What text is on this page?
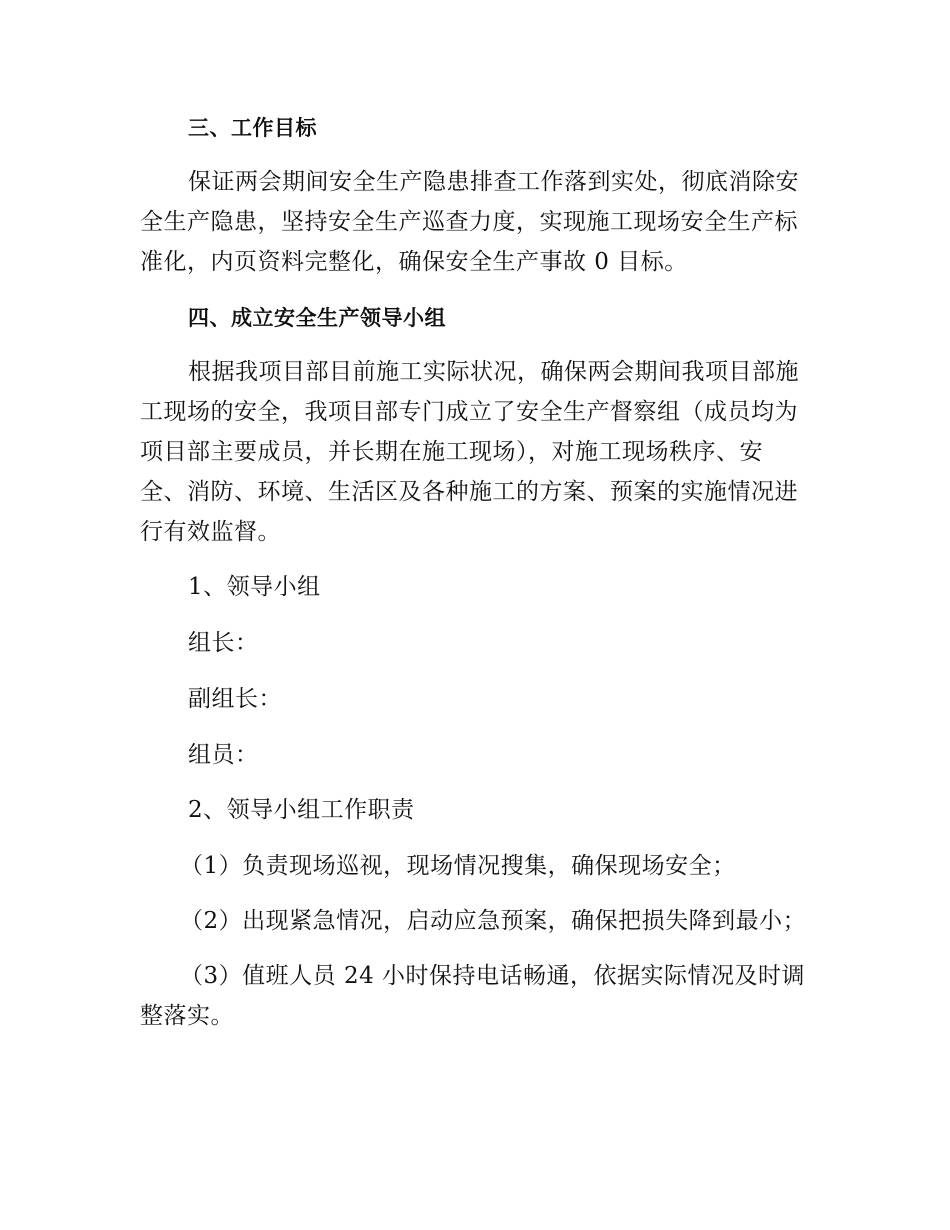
三、工作目标
保证两会期间安全生产隐患排查工作落到实处，彻底消除安
全生产隐患，坚持安全生产巡查力度，实现施工现场安全生产标
准化，内页资料完整化，确保安全生产事故 0 目标。
四、成立安全生产领导小组
根据我项目部目前施工实际状况，确保两会期间我项目部施
工现场的安全，我项目部专门成立了安全生产督察组（成员均为
项目部主要成员，并长期在施工现场），对施工现场秩序、安
全、消防、环境、生活区及各种施工的方案、预案的实施情况进
行有效监督。
1、领导小组
组长：
副组长：
组员：
2、领导小组工作职责
（1）负责现场巡视，现场情况搜集，确保现场安全；
（2）出现紧急情况，启动应急预案，确保把损失降到最小；
（3）值班人员 24 小时保持电话畅通，依据实际情况及时调
整落实。
